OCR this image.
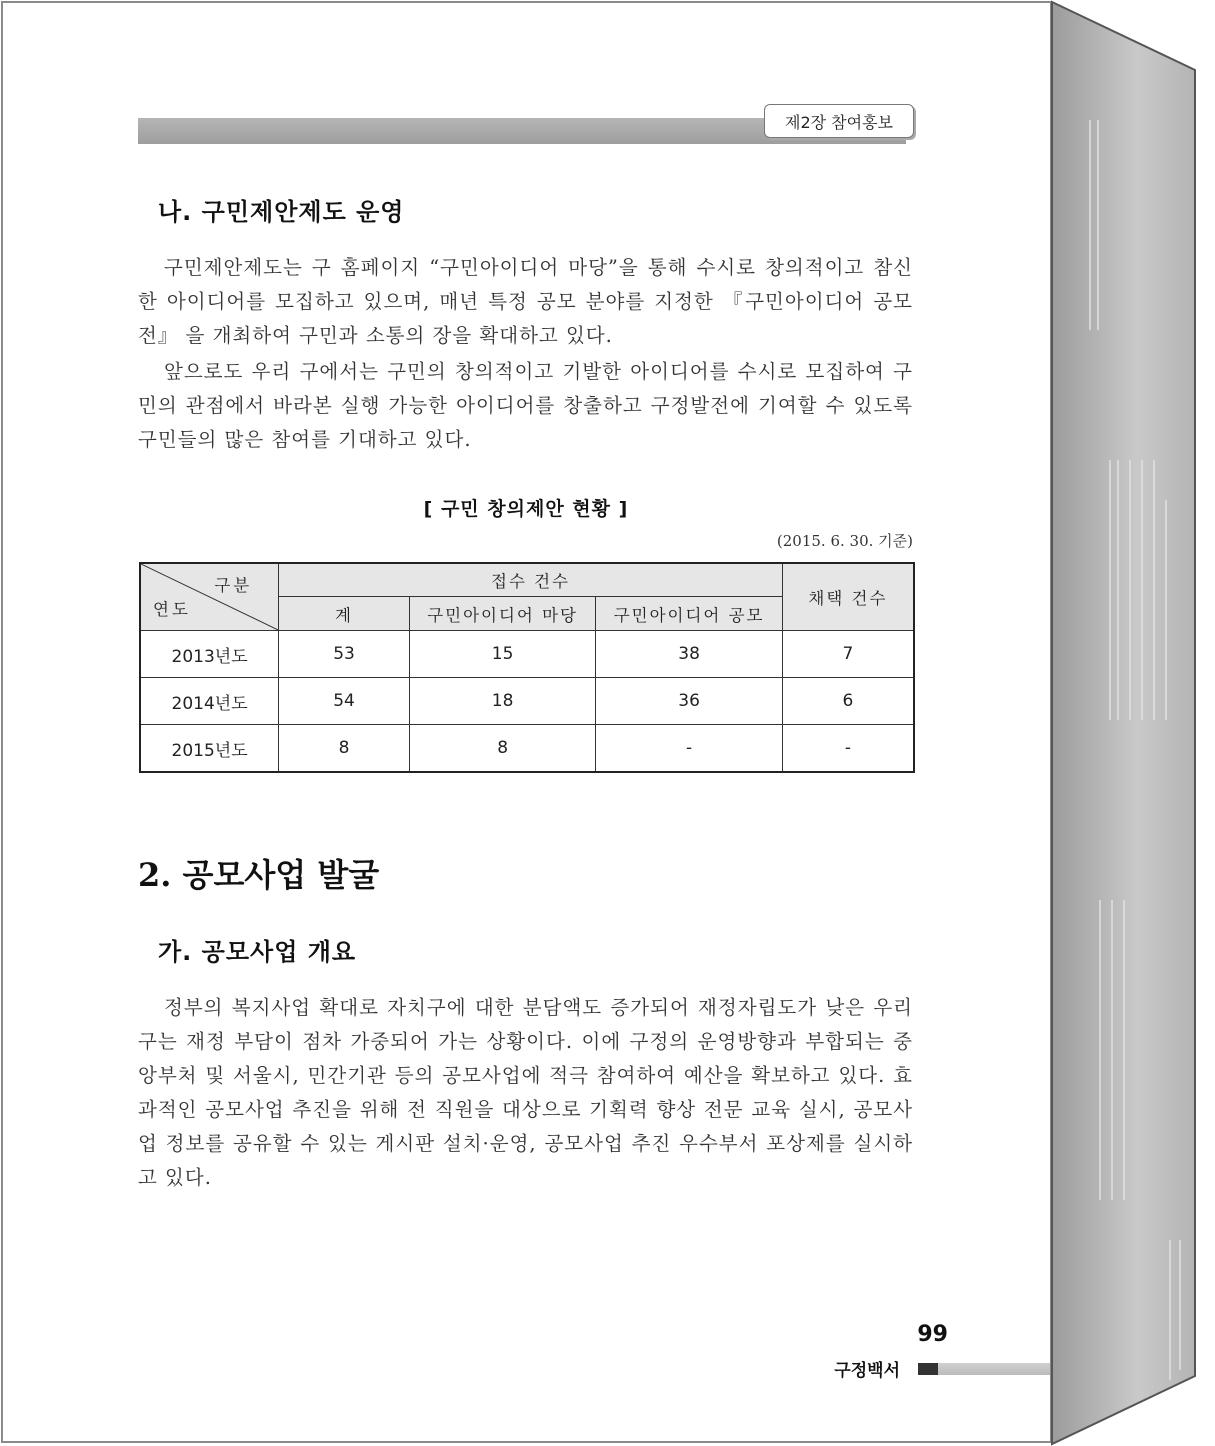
제2장 참여홍보
나. 구민제안제도 운영

구민제안제도는 구 홈페이지 “구민아이디어 마당”을 통해 수시로 창의적이고 참신한 아이디어를 모집하고 있으며, 매년 특정 공모 분야를 지정한 『구민아이디어 공모전』 을 개최하여 구민과 소통의 장을 확대하고 있다.

앞으로도 우리 구에서는 구민의 창의적이고 기발한 아이디어를 수시로 모집하여 구민의 관점에서 바라본 실행 가능한 아이디어를 창출하고 구정발전에 기여할 수 있도록 구민들의 많은 참여를 기대하고 있다.

[ 구민 창의제안 현황 ]
(2015. 6. 30. 기준)
구분
연도	접수 건수			채택 건수
	계	구민아이디어 마당	구민아이디어 공모	
2013년도	53	15	38	7
2014년도	54	18	36	6
2015년도	8	8	-	-
2. 공모사업 발굴
가. 공모사업 개요

정부의 복지사업 확대로 자치구에 대한 분담액도 증가되어 재정자립도가 낮은 우리 구는 재정 부담이 점차 가중되어 가는 상황이다. 이에 구정의 운영방향과 부합되는 중앙부처 및 서울시, 민간기관 등의 공모사업에 적극 참여하여 예산을 확보하고 있다. 효과적인 공모사업 추진을 위해 전 직원을 대상으로 기획력 향상 전문 교육 실시, 공모사업 정보를 공유할 수 있는 게시판 설치·운영, 공모사업 추진 우수부서 포상제를 실시하고 있다.

99
구정백서
